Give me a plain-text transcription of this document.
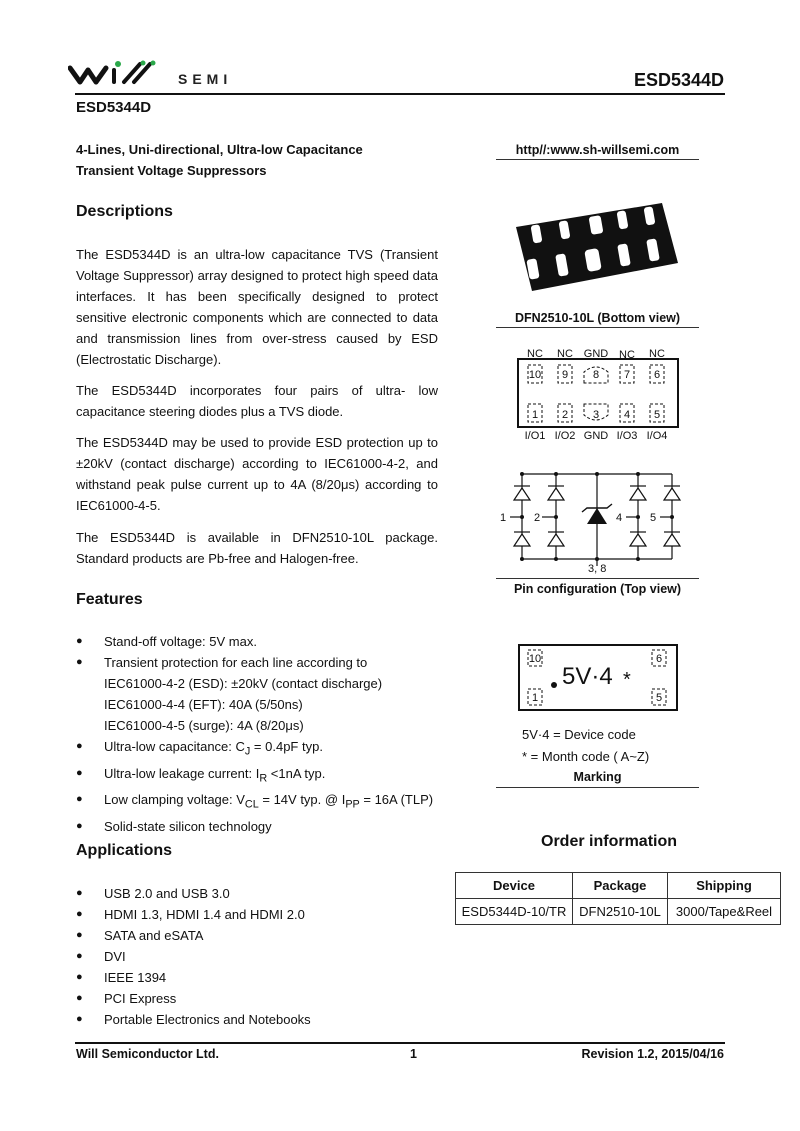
SEMI	ESD5344D
ESD5344D
4-Lines, Uni-directional, Ultra-low Capacitance
Transient Voltage Suppressors
http//:www.sh-willsemi.com
Descriptions

The ESD5344D is an ultra-low capacitance TVS (Transient Voltage Suppressor) array designed to protect high speed data interfaces. It has been specifically designed to protect sensitive electronic components which are connected to data and transmission lines from over-stress caused by ESD (Electrostatic Discharge).

The ESD5344D incorporates four pairs of ultra- low capacitance steering diodes plus a TVS diode.

The ESD5344D may be used to provide ESD protection up to ±20kV (contact discharge) according to IEC61000-4-2, and withstand peak pulse current up to 4A (8/20μs) according to IEC61000-4-5.

The ESD5344D is available in DFN2510-10L package. Standard products are Pb-free and Halogen-free.

Features
● Stand-off voltage: 5V max.
● Transient protection for each line according to
IEC61000-4-2 (ESD): ±20kV (contact discharge)
IEC61000-4-4 (EFT): 40A (5/50ns)
IEC61000-4-5 (surge): 4A (8/20μs)
● Ultra-low capacitance: $C_J = 0.4pF$ typ.
● Ultra-low leakage current: $I_R <1nA$ typ.
● Low clamping voltage: $V_{CL} = 14V$ typ. @ $I_{PP} = 16A$ (TLP)
● Solid-state silicon technology
Applications
● USB 2.0 and USB 3.0
● HDMI 1.3, HDMI 1.4 and HDMI 2.0
● SATA and eSATA
● DVI
● IEEE 1394
● PCI Express
● Portable Electronics and Notebooks
DFN2510-10L (Bottom view)
NC NC GND NC NC
10 9 8 7 6
1 2 3 4 5
I/O1 I/O2 GND I/O3 I/O4
1	2	4	5
3, 8
Pin configuration (Top view)
10	6
1	5
5V·4 *
5V·4 = Device code
* = Month code ( A~Z)
Marking
Order information
Device	Package	Shipping
ESD5344D-10/TR	DFN2510-10L	3000/Tape&Reel
Will Semiconductor Ltd.	1	Revision 1.2, 2015/04/16
